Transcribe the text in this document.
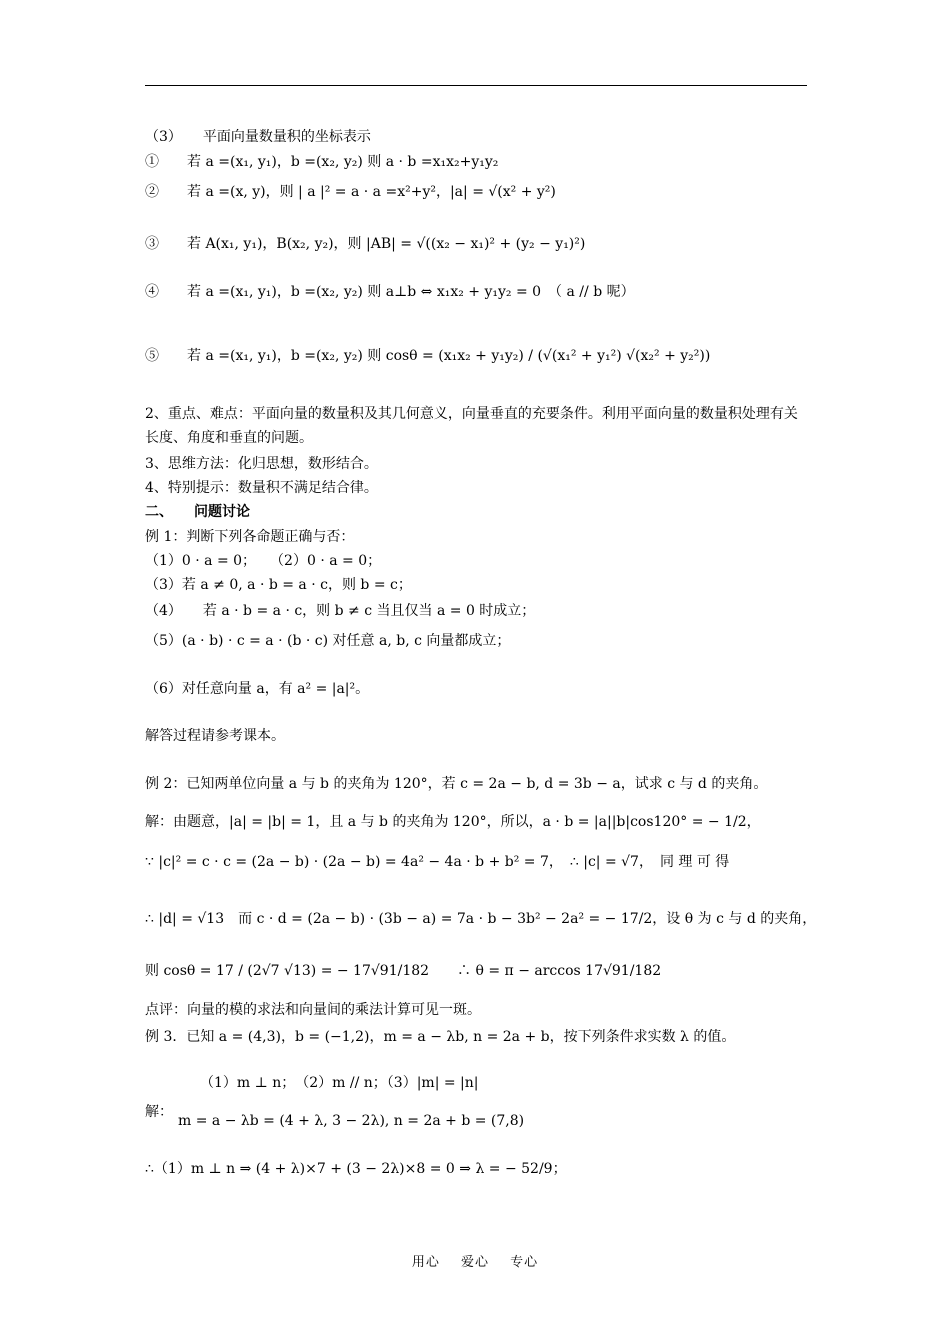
（3）　　平面向量数量积的坐标表示
①　　若 a =(x₁, y₁)，b =(x₂, y₂) 则 a · b =x₁x₂+y₁y₂
②　　若 a =(x, y)，则 | a |² = a · a =x²+y²，|a| = √(x² + y²)
③　　若 A(x₁, y₁)，B(x₂, y₂)，则 |AB| = √((x₂ − x₁)² + (y₂ − y₁)²)
④　　若 a =(x₁, y₁)，b =(x₂, y₂) 则 a⊥b ⇔ x₁x₂ + y₁y₂ = 0　（ a // b 呢）
⑤　　若 a =(x₁, y₁)，b =(x₂, y₂) 则 cosθ = (x₁x₂ + y₁y₂) / (√(x₁² + y₁²) √(x₂² + y₂²))
2、重点、难点：平面向量的数量积及其几何意义，向量垂直的充要条件。利用平面向量的数量积处理有关长度、角度和垂直的问题。
3、思维方法：化归思想，数形结合。
4、特别提示：数量积不满足结合律。
二、　　问题讨论
例 1：判断下列各命题正确与否：
（1）0 · a = 0；　　（2）0 · a = 0；
（3）若 a ≠ 0, a · b = a · c，则 b = c；
（4）　　若 a · b = a · c，则 b ≠ c 当且仅当 a = 0 时成立；
（5）(a · b) · c = a · (b · c) 对任意 a, b, c 向量都成立；
（6）对任意向量 a，有 a² = |a|²。
解答过程请参考课本。
例 2：已知两单位向量 a 与 b 的夹角为 120°，若 c = 2a − b, d = 3b − a，试求 c 与 d 的夹角。
解：由题意，|a| = |b| = 1，且 a 与 b 的夹角为 120°，所以，a · b = |a||b|cos120° = − 1/2，
∵ |c|² = c · c = (2a − b) · (2a − b) = 4a² − 4a · b + b² = 7，　∴ |c| = √7，　同 理 可 得
∴ |d| = √13　而 c · d = (2a − b) · (3b − a) = 7a · b − 3b² − 2a² = − 17/2，设 θ 为 c 与 d 的夹角，
则 cosθ = 17 / (2√7 √13) = − 17√91/182　　∴ θ = π − arccos 17√91/182
点评：向量的模的求法和向量间的乘法计算可见一斑。
例 3．已知 a = (4,3)，b = (−1,2)，m = a − λb, n = 2a + b，按下列条件求实数 λ 的值。
（1）m ⊥ n；　（2）m // n；（3）|m| = |n|
解：
m = a − λb = (4 + λ, 3 − 2λ), n = 2a + b = (7,8)
∴（1）m ⊥ n ⇒ (4 + λ)×7 + (3 − 2λ)×8 = 0 ⇒ λ = − 52/9；
用心 爱心 专心
